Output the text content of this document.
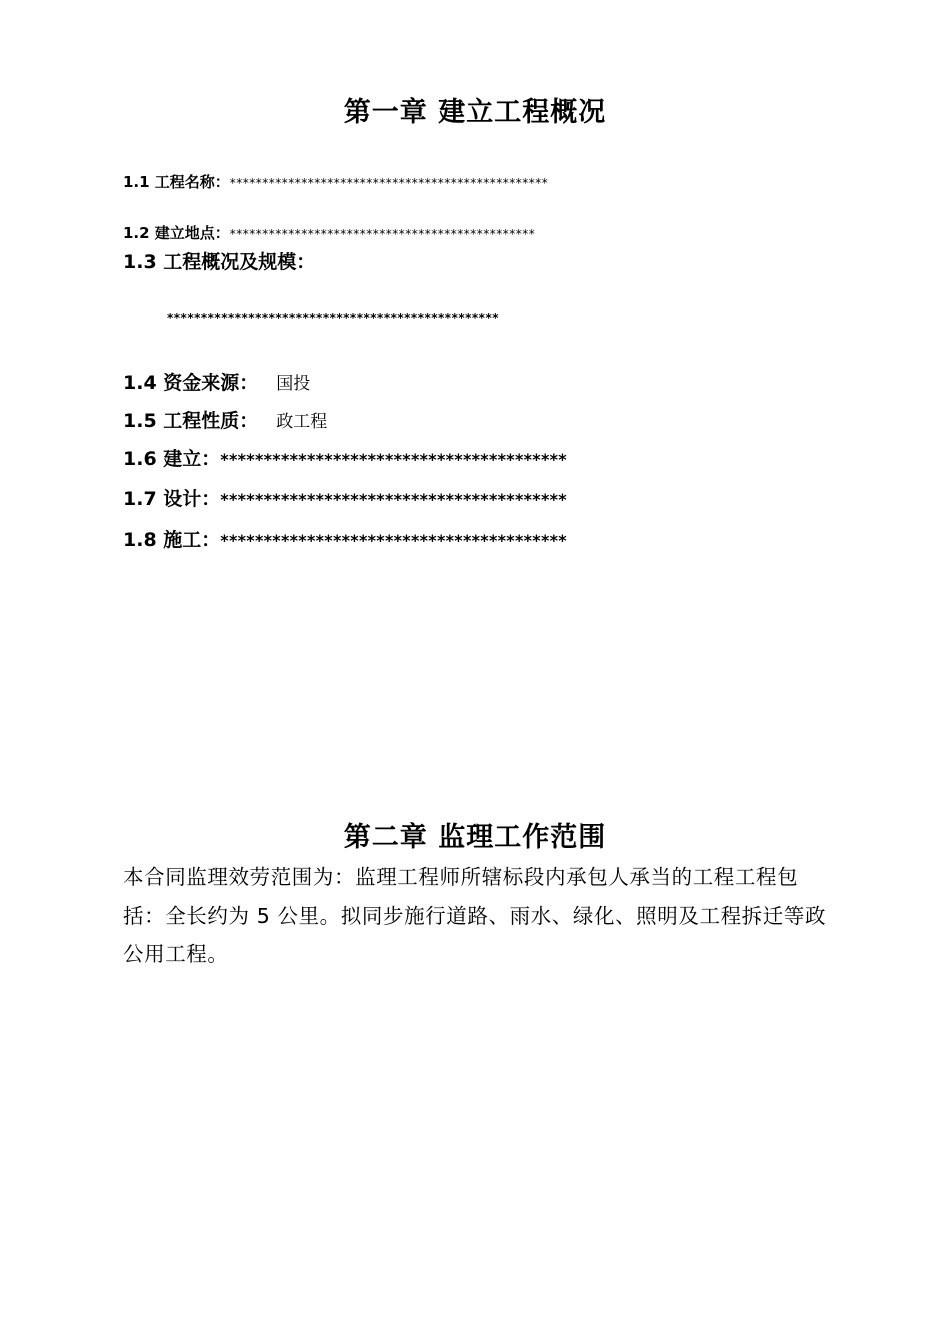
第一章 建立工程概况
1.1 工程名称：*************************************************
1.2 建立地点：***********************************************
1.3 工程概况及规模：
*************************************************
1.4 资金来源： 国投
1.5 工程性质： 政工程
1.6 建立：****************************************
1.7 设计：****************************************
1.8 施工：****************************************
第二章 监理工作范围
本合同监理效劳范围为：监理工程师所辖标段内承包人承当的工程工程包括：全长约为 5 公里。拟同步施行道路、雨水、绿化、照明及工程拆迁等政公用工程。
